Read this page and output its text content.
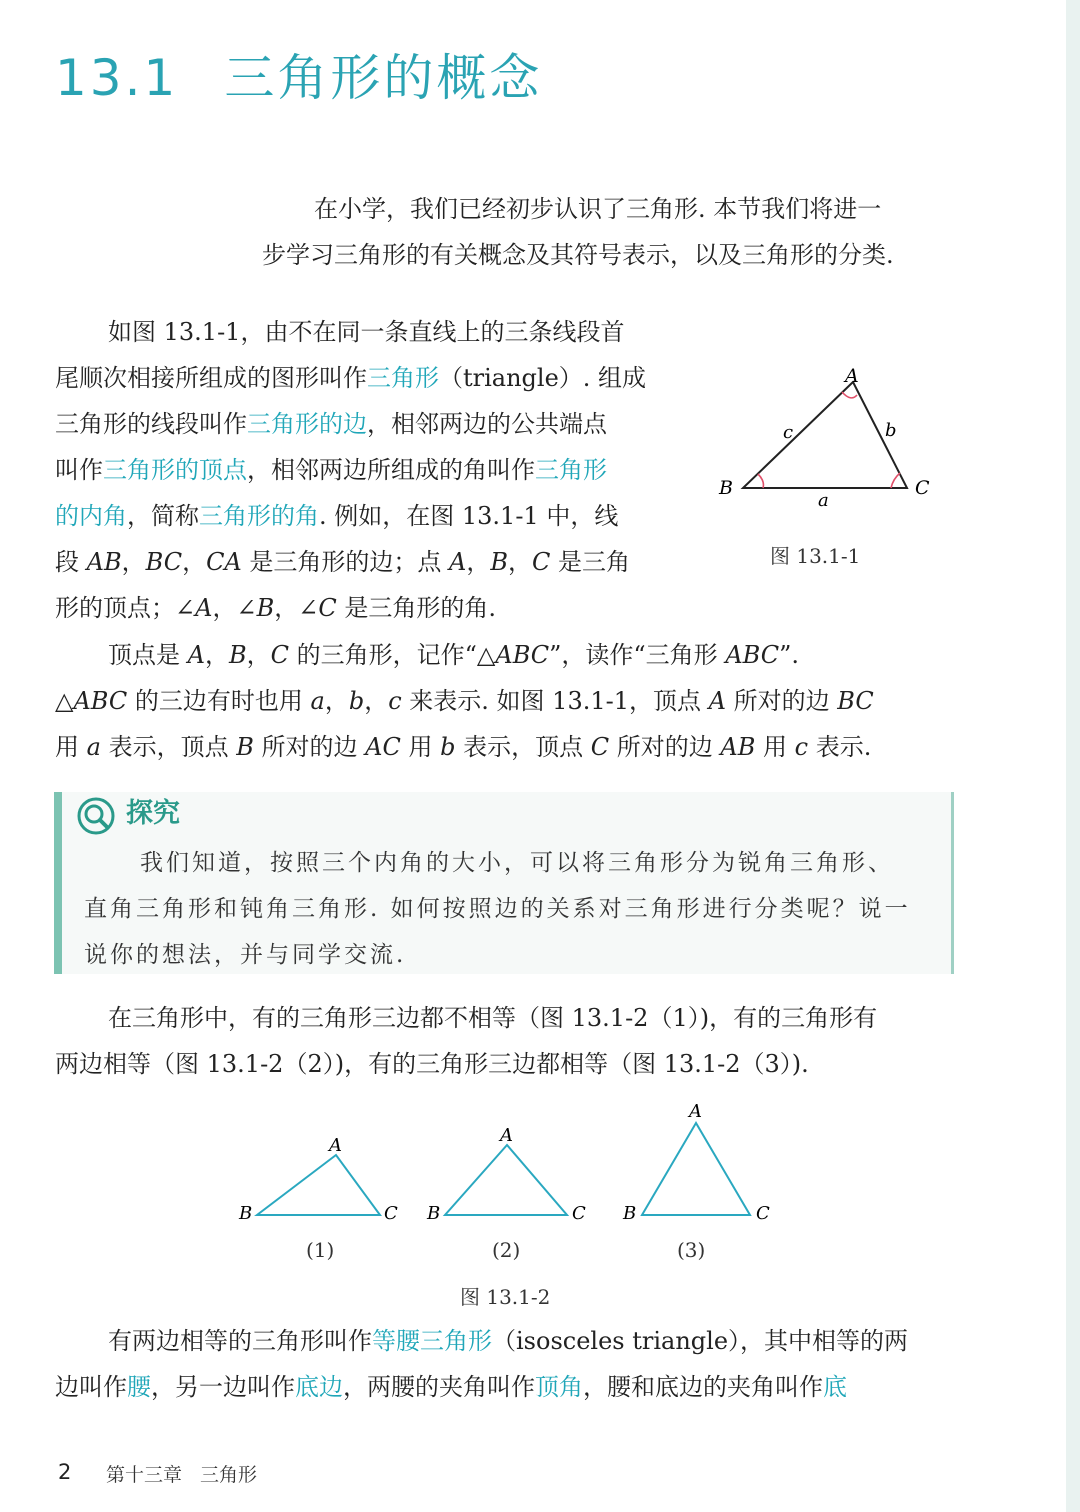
13.1 三角形的概念
在小学，我们已经初步认识了三角形. 本节我们将进一
步学习三角形的有关概念及其符号表示，以及三角形的分类.
如图 13.1-1，由不在同一条直线上的三条线段首
尾顺次相接所组成的图形叫作三角形（triangle）. 组成
三角形的线段叫作三角形的边，相邻两边的公共端点
叫作三角形的顶点，相邻两边所组成的角叫作三角形
的内角，简称三角形的角. 例如，在图 13.1-1 中，线
段 AB，BC，CA 是三角形的边；点 A，B，C 是三角
形的顶点；∠A，∠B，∠C 是三角形的角.
A
B	C
a
b
c
图 13.1-1
顶点是 A，B，C 的三角形，记作“△ABC”，读作“三角形 ABC”.
△ABC 的三边有时也用 a，b，c 来表示. 如图 13.1-1，顶点 A 所对的边 BC
用 a 表示，顶点 B 所对的边 AC 用 b 表示，顶点 C 所对的边 AB 用 c 表示.
探究
我们知道，按照三个内角的大小，可以将三角形分为锐角三角形、
直角三角形和钝角三角形. 如何按照边的关系对三角形进行分类呢？说一
说你的想法，并与同学交流.
在三角形中，有的三角形三边都不相等（图 13.1-2（1）)，有的三角形有
两边相等（图 13.1-2（2）)，有的三角形三边都相等（图 13.1-2（3）).
A
B	C
A
B	C
A
B	C
(1)	(2)	(3)
图 13.1-2
有两边相等的三角形叫作等腰三角形（isosceles triangle），其中相等的两
边叫作腰，另一边叫作底边，两腰的夹角叫作顶角，腰和底边的夹角叫作底
2 第十三章 三角形
